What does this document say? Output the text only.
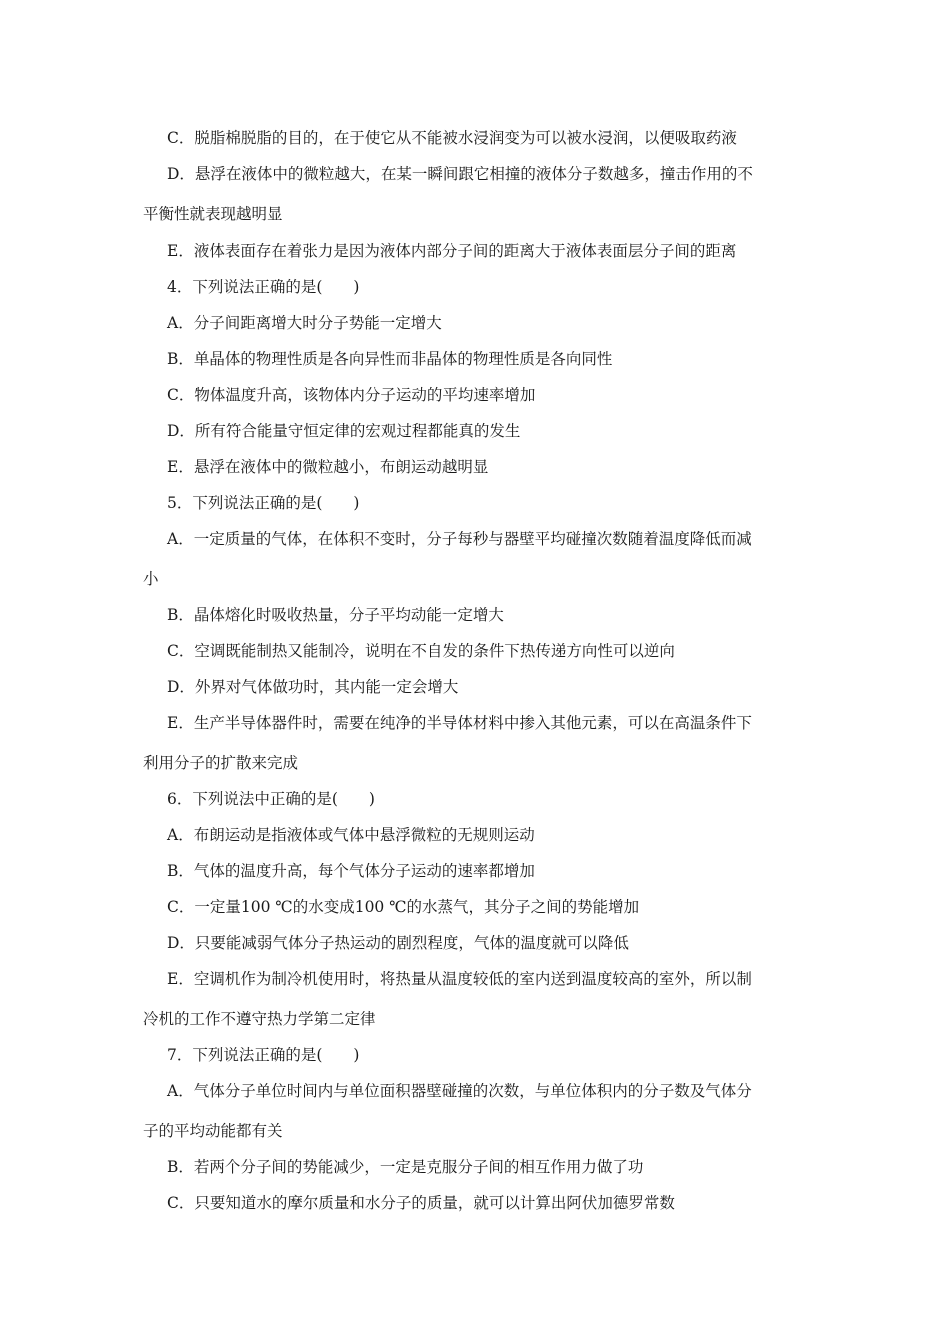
C．脱脂棉脱脂的目的，在于使它从不能被水浸润变为可以被水浸润，以便吸取药液
D．悬浮在液体中的微粒越大，在某一瞬间跟它相撞的液体分子数越多，撞击作用的不
平衡性就表现越明显
E．液体表面存在着张力是因为液体内部分子间的距离大于液体表面层分子间的距离
4．下列说法正确的是(　　)
A．分子间距离增大时分子势能一定增大
B．单晶体的物理性质是各向异性而非晶体的物理性质是各向同性
C．物体温度升高，该物体内分子运动的平均速率增加
D．所有符合能量守恒定律的宏观过程都能真的发生
E．悬浮在液体中的微粒越小，布朗运动越明显
5．下列说法正确的是(　　)
A．一定质量的气体，在体积不变时，分子每秒与器壁平均碰撞次数随着温度降低而减
小
B．晶体熔化时吸收热量，分子平均动能一定增大
C．空调既能制热又能制冷，说明在不自发的条件下热传递方向性可以逆向
D．外界对气体做功时，其内能一定会增大
E．生产半导体器件时，需要在纯净的半导体材料中掺入其他元素，可以在高温条件下
利用分子的扩散来完成
6．下列说法中正确的是(　　)
A．布朗运动是指液体或气体中悬浮微粒的无规则运动
B．气体的温度升高，每个气体分子运动的速率都增加
C．一定量100 ℃的水变成100 ℃的水蒸气，其分子之间的势能增加
D．只要能减弱气体分子热运动的剧烈程度，气体的温度就可以降低
E．空调机作为制冷机使用时，将热量从温度较低的室内送到温度较高的室外，所以制
冷机的工作不遵守热力学第二定律
7．下列说法正确的是(　　)
A．气体分子单位时间内与单位面积器壁碰撞的次数，与单位体积内的分子数及气体分
子的平均动能都有关
B．若两个分子间的势能减少，一定是克服分子间的相互作用力做了功
C．只要知道水的摩尔质量和水分子的质量，就可以计算出阿伏加德罗常数
